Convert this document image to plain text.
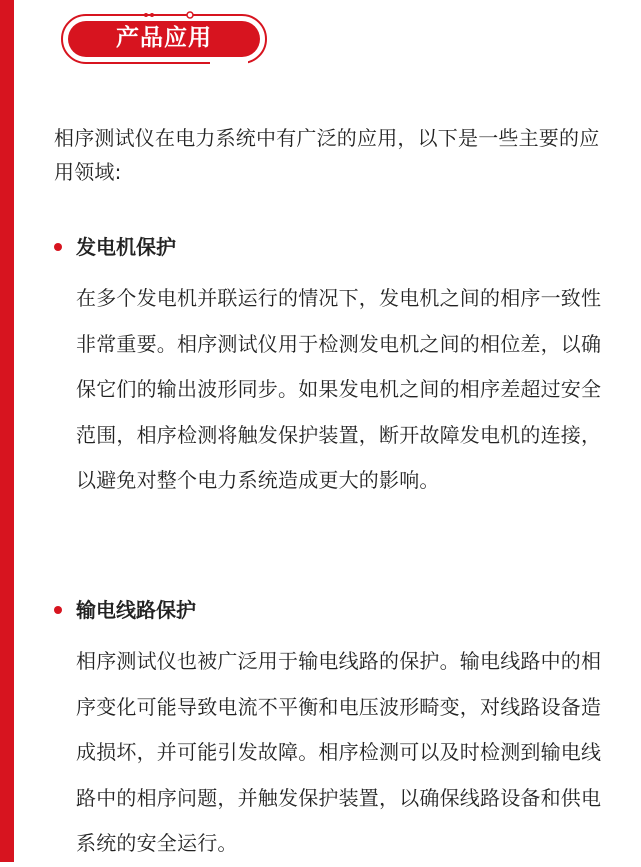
产品应用
相序测试仪在电力系统中有广泛的应用，以下是一些主要的应用领域:
发电机保护
在多个发电机并联运行的情况下，发电机之间的相序一致性非常重要。相序测试仪用于检测发电机之间的相位差，以确保它们的输出波形同步。如果发电机之间的相序差超过安全范围，相序检测将触发保护装置，断开故障发电机的连接，以避免对整个电力系统造成更大的影响。
输电线路保护
相序测试仪也被广泛用于输电线路的保护。输电线路中的相序变化可能导致电流不平衡和电压波形畸变，对线路设备造成损坏，并可能引发故障。相序检测可以及时检测到输电线路中的相序问题，并触发保护装置，以确保线路设备和供电系统的安全运行。
